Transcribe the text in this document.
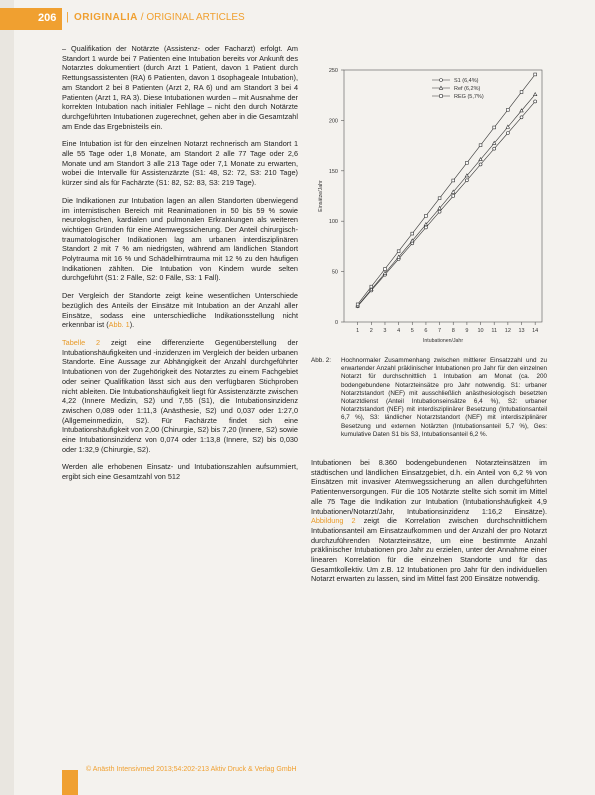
206 | ORIGINALIA / ORIGINAL ARTICLES

– Qualifikation der Notärzte (Assistenz- oder Facharzt) erfolgt. Am Standort 1 wurde bei 7 Patienten eine Intubation bereits vor Ankunft des Notarztes dokumentiert (durch Arzt 1 Patient, davon 1 Patient durch Rettungsassistenten (RA) 6 Patienten, davon 1 ösophageale Intubation), am Standort 2 bei 8 Patienten (Arzt 2, RA 6) und am Standort 3 bei 4 Patienten (Arzt 1, RA 3). Diese Intubationen wurden – mit Ausnahme der korrekten Intubation nach initialer Fehllage – nicht den durch Notärzte durchgeführten Intubationen zugerechnet, gehen aber in die Gesamtzahl am Ende das Ergebnisteils ein.

Eine Intubation ist für den einzelnen Notarzt rechnerisch am Standort 1 alle 55 Tage oder 1,8 Monate, am Standort 2 alle 77 Tage oder 2,6 Monate und am Standort 3 alle 213 Tage oder 7,1 Monate zu erwarten, wobei die Intervalle für Assistenzärzte (S1: 48, S2: 72, S3: 210 Tage) kürzer sind als für Fachärzte (S1: 82, S2: 83, S3: 219 Tage).

Die Indikationen zur Intubation lagen an allen Standorten überwiegend im internistischen Bereich mit Reanimationen in 50 bis 59 % sowie neurologischen, kardialen und pulmonalen Erkrankungen als weiteren wichtigen Gründen für eine Atemwegssicherung. Der Anteil chirurgisch-traumatologischer Indikationen lag am urbanen interdisziplinären Standort 2 mit 7 % am niedrigsten, während am ländlichen Standort Polytrauma mit 16 % und Schädelhirntrauma mit 12 % zu den häufigen Indikationen zählten. Die Intubation von Kindern wurde selten durchgeführt (S1: 2 Fälle, S2: 0 Fälle, S3: 1 Fall).

Der Vergleich der Standorte zeigt keine wesentlichen Unterschiede bezüglich des Anteils der Einsätze mit Intubation an der Anzahl aller Einsätze, sodass eine unterschiedliche Indikationsstellung nicht erkennbar ist (Abb. 1).

Tabelle 2 zeigt eine differenzierte Gegenüberstellung der Intubationshäufigkeiten und -inzidenzen im Vergleich der beiden urbanen Standorte. Eine Aussage zur Abhängigkeit der Anzahl durchgeführter Intubationen von der Zugehörigkeit des Notarztes zu einem Fachgebiet oder seiner Qualifikation lässt sich aus den verfügbaren Stichproben nicht ableiten. Die Intubationshäufigkeit liegt für Assistenzärzte zwischen 4,22 (Innere Medizin, S2) und 7,55 (S1), die Intubationsinzidenz zwischen 0,089 oder 1:11,3 (Anästhesie, S2) und 0,037 oder 1:27,0 (Allgemeinmedizin, S2). Für Fachärzte findet sich eine Intubationshäufigkeit von 2,00 (Chirurgie, S2) bis 7,20 (Innere, S2) sowie eine Intubationsinzidenz von 0,074 oder 1:13,8 (Innere, S2) bis 0,030 oder 1:32,9 (Chirurgie, S2).

Werden alle erhobenen Einsatz- und Intubationszahlen aufsummiert, ergibt sich eine Gesamtzahl von 512

0
50
100
150
200
250
1 2 3 4 5 6 7 8 9 10 11 12 13 14
Intubationen/Jahr
Einsätze/Jahr
S1 (6,4%)
Ref (6,2%)
REG (5,7%)
Abb. 2:	Hochnormaler Zusammenhang zwischen mittlerer Einsatzzahl und zu erwartender Anzahl präklinischer Intubationen pro Jahr für den einzelnen Notarzt für durchschnittlich 1 Intubation am Monat (ca. 200 bodengebundene Notarzteinsätze pro Jahr notwendig. S1: urbaner Notarztstandort (NEF) mit ausschließlich anästhesiologisch besetzten Notarztdienst (Anteil Intubationseinsätze 6,4 %), S2: urbaner Notarztstandort (NEF) mit interdisziplinärer Besetzung (Intubationsanteil 6,7 %), S3: ländlicher Notarztstandort (NEF) mit interdisziplinärer Besetzung und externen Notärzten (Intubationsanteil 5,7 %), Ges: kumulative Daten S1 bis S3, Intubationsanteil 6,2 %.

Intubationen bei 8.360 bodengebundenen Notarzteinsätzen im städtischen und ländlichen Einsatzgebiet, d.h. ein Anteil von 6,2 % von Einsätzen mit invasiver Atemwegssicherung an allen durchgeführten Patientenversorgungen. Für die 105 Notärzte stellte sich somit im Mittel alle 75 Tage die Indikation zur Intubation (Intubationshäufigkeit 4,9 Intubationen/Notarzt/Jahr, Intubationsinzidenz 1:16,2 Einsätze). Abbildung 2 zeigt die Korrelation zwischen durchschnittlichem Intubationsanteil am Einsatzaufkommen und der Anzahl der pro Notarzt durchzuführenden Notarzteinsätze, um eine bestimmte Anzahl präklinischer Intubationen pro Jahr zu erzielen, unter der Annahme einer linearen Korrelation für die einzelnen Standorte und für das Gesamtkollektiv. Um z.B. 12 Intubationen pro Jahr für den individuellen Notarzt erwarten zu lassen, sind im Mittel fast 200 Einsätze notwendig.

© Anästh Intensivmed 2013;54:202-213 Aktiv Druck & Verlag GmbH
